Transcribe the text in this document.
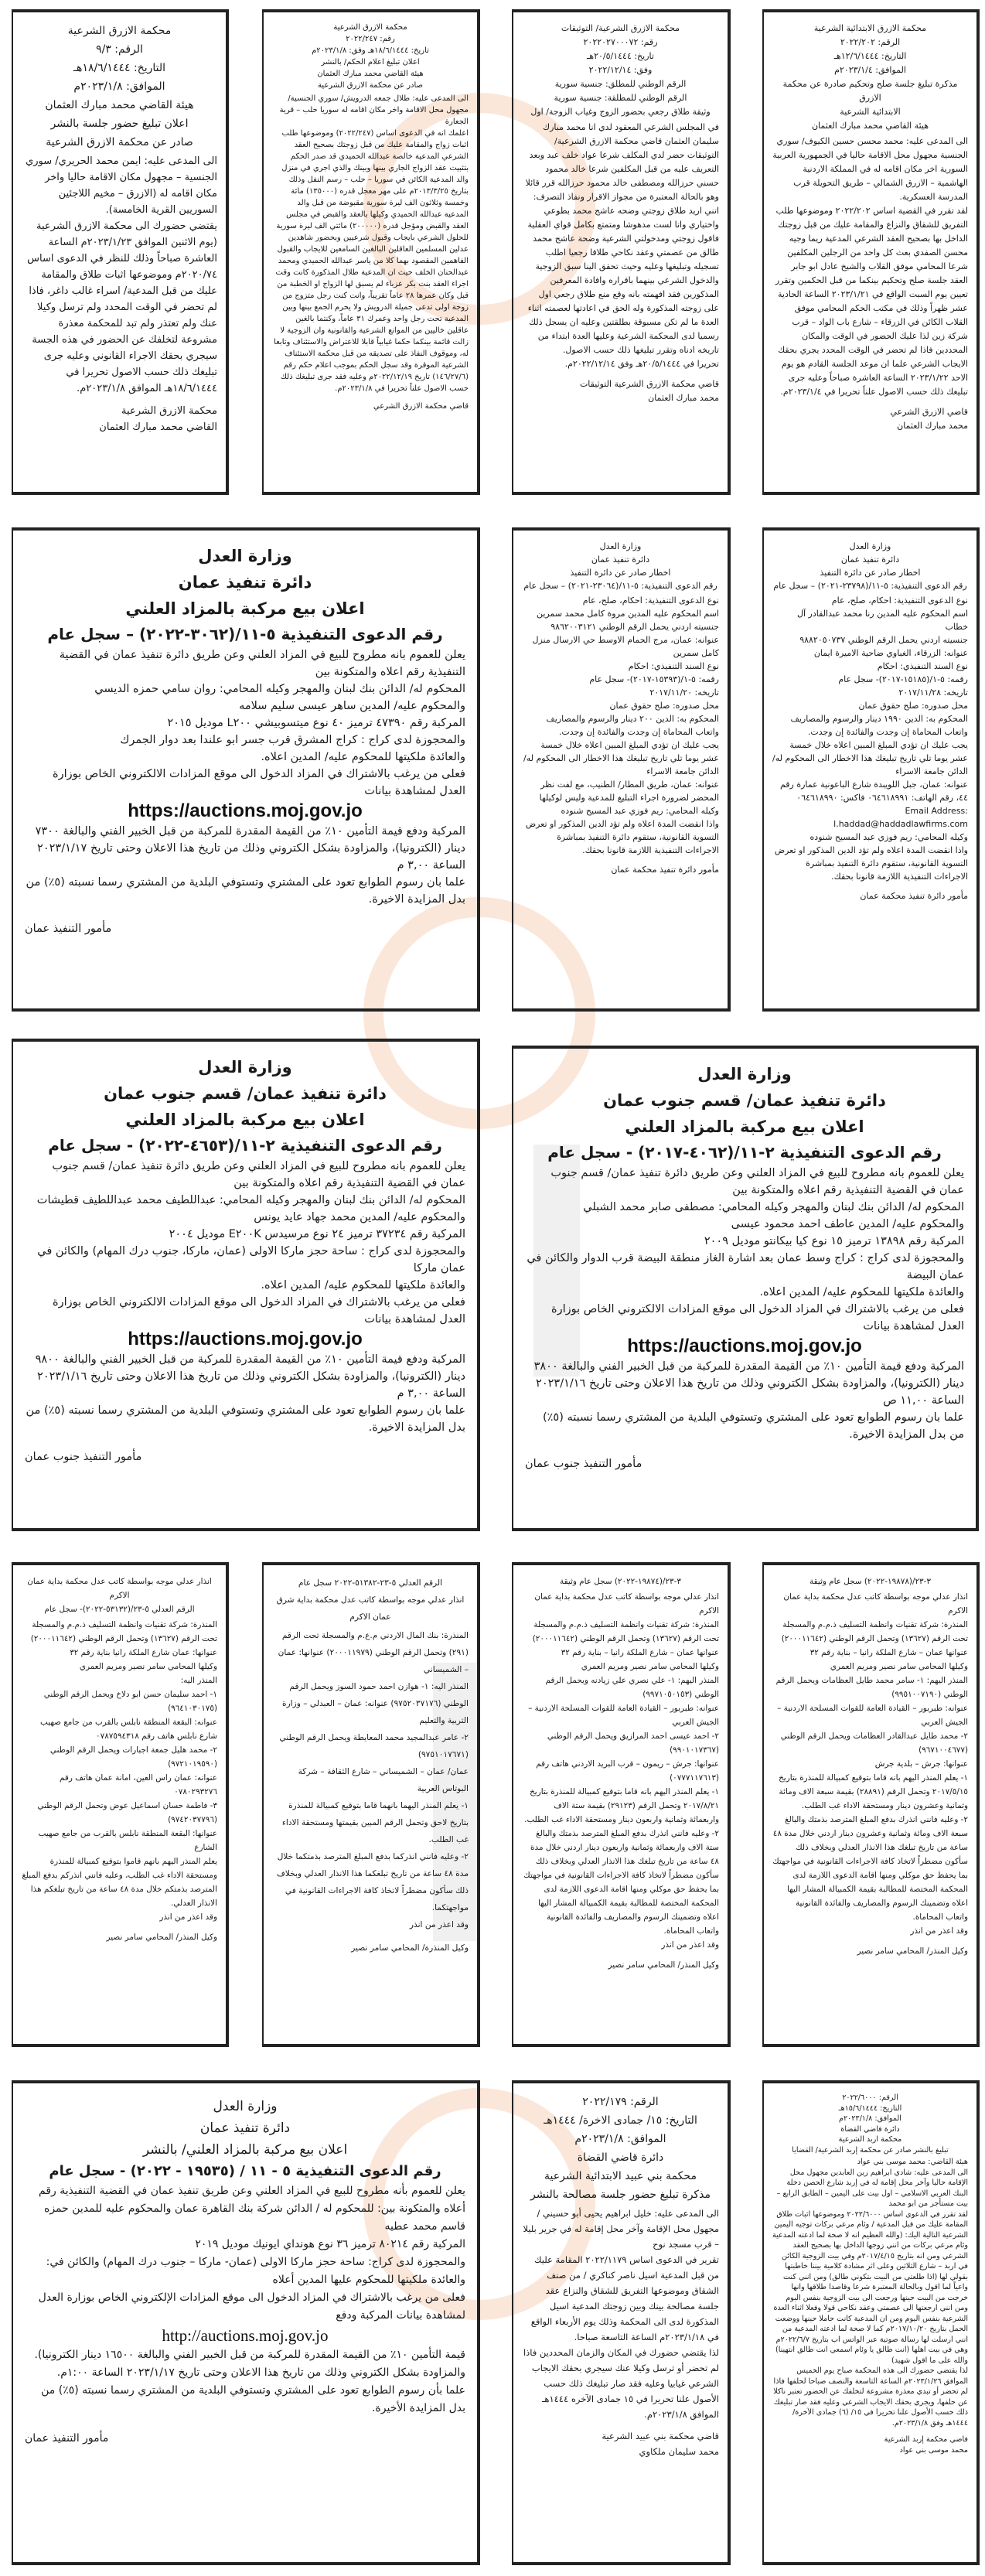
محكمة الازرق الابتدائية الشرعية

الرقم: ٢٠٢٢/٢٠٢

التاريخ: ١٢/٦/١٤٤٤هـ

الموافق: ٢٠٢٣/١/٤م

مذكرة تبليغ جلسة صلح وتحكيم صادرة عن محكمة الازرق

الابتدائية الشرعية

هيئة القاضي محمد مبارك العثمان

الى المدعى عليه: محمد محسن حسين الكيوف/ سوري الجنسية مجهول محل الاقامة حاليا في الجمهورية العربية السورية اخر مكان اقامه له في المملكة الاردنية الهاشمية – الازرق الشمالي – طريق التحويلة قرب المدرسة العسكرية.

لقد تقرر في القضية اساس ٢٠٢٢/٢٠٢ وموضوعها طلب التفريق للشقاق والنزاع والمقامة عليك من قبل زوجتك الداخل بها بصحيح العقد الشرعي المدعية ريما وجيه محسن الصفدي بعث كل واحد من الرجلين المكلفين شرعا المحامي موفق القلاب والشيخ عادل ابو جابر العقد جلسة صلح وتحكيم بينكما من قبل الحكمين وتقرر تعيين يوم السبت الواقع في ٢٠٢٣/١/٢١ الساعة الحادية عشر ظهراً وذلك في مكتب الحكم المحامي موفق القلاب الكائن في الزرقاء – شارع باب الواد – قرب شركة زين لذا عليك الحضور في الوقت والمكان المحددين فاذا لم تحضر في الوقت المحدد يجري بحقك الايجاب الشرعي علما ان موعد الجلسة القادم هو يوم الاحد ٢٠٢٣/١/٢٢ الساعة العاشرة صباحاً وعليه جرى تبليغك ذلك حسب الاصول علناً تحريرا في ٢٠٢٣/١/٤م.

قاضي الازرق الشرعي

محمد مبارك العثمان

محكمة الازرق الشرعية/ التوثيقات

رقم: ٢٠٢٢٠٢٧٠٠٠٧٢

تاريخ: ٢٠/٥/١٤٤٤هـ

وفق: ٢٠٢٢/١٢/١٤

الرقم الوطني للمطلق: جنسية سورية

الرقم الوطني للمطلقة: جنسية سورية

وثيقة طلاق رجعي بحضور الزوج وغياب الزوجة/ اول

في المجلس الشرعي المعقود لدي انا محمد مبارك سليمان العثمان قاضي محكمة الازرق الشرعية/ التوثيقات حضر لدي المكلف شرعا عواد خلف عبد وبعد التعريف عليه من قبل المكلفين شرعا خالد محمود حسني حرزالله ومصطفى خالد محمود حرزالله قرر قائلا وهو بالحالة المعتبرة من مجواز الاقرار ونفاذ التصرف: انني اريد طلاق زوجتي وضحه عاشج محمد بطوعي واختياري وانا لست مدهوشا ومتمتع بكامل قواي العقلية فاقول زوجتي ومدخولتي الشرعية وضحة عاشج محمد طالق من عصمتي وعقد نكاحي طلاقا رجعيا اطلب تسجيله وتبليغها وعليه وحيث تحقق الينا سبق الزوجية والدخول الشرعي بينهما باقراره وافادة المعرفين المذكورين فقد افهمته بانه وقع منع طلاق رجعي اول على زوجته المذكورة وله الحق في اعادتها لعصمته اثناء العدة ما لم تكن مسبوقة بطلقتين وعليه ان يسجل ذلك رسميا لدى المحكمة الشرعية وعليها العدة ابتداء من تاريخه ادناه وتقرر تبليغها ذلك حسب الاصول.

تحريرا في ٢٠/٥/١٤٤٤هـ وفق ٢٠٢٢/١٢/١٤م.

قاضي محكمة الازرق الشرعية التوثيقات

محمد مبارك العثمان

محكمة الازرق الشرعية

رقم: ٢٠٢٢/٢٤٧

تاريخ: ١٨/٦/١٤٤٤هـ وفق: ٢٠٢٣/١/٨م

اعلان تبليغ اعلام الحكم/ بالنشر

هيئة القاضي محمد مبارك العثمان

صادر عن محكمة الازرق الشرعية

الى المدعى عليه: طلال جمعه الدرويش/ سوري الجنسية/ مجهول محل الاقامة واخر مكان اقامه له سوريا حلب – قرية الجعارة

اعلمك انه في الدعوى اساس (٢٠٢٢/٢٤٧) وموضوعها طلب اثبات زواج والمقامة عليك من قبل زوجتك بصحيح العقد الشرعي المدعية خالصة عبدالله الحميدي قد صدر الحكم بتثبيت عقد الزواج الجاري بينها وبينك والذي اجري في منزل والد المدعية الكائن في سوريا – حلب – رسم النفل وذلك بتاريخ ٢٠١٣/٣/٢٥م على مهر معجل قدره (١٣٥٠٠٠) مائة وخمسة وثلاثون الف ليرة سورية مقبوضة من قبل والد المدعية عبدالله الحميدي وكيلها بالعقد والقبض في مجلس العقد والقبض ومؤجل قدره (٢٠٠٠٠٠) مائتي الف ليرة سورية للحلول الشرعي بايجاب وقبول شرعيين وبحضور شاهدين عدلين المسلمين العاقلين البالغين السامعين للايجاب والقبول الفاهمين المقصود بهما كلا من ياسر عبدالله الحميدي ومحمد عبدالحنان الخلف حيث ان المدعية طلال المذكورة كانت وقت اجراء العقد بنت بكر عزباء لم يسبق لها الزواج او الخطبة من قبل وكان عمرها ٢٨ عاماً تقريباً، وانت كنت رجل متزوج من زوجة اولى تدعى جميلة الدرويش ولا يحرم الجمع بينها وبين المدعية تحت رجل واحد وعمرك ٣١ عاماً، وكنتما بالغين عاقلين خاليين من الموانع الشرعية والقانونية وان الزوجية لا زالت قائمة بينكما حكما غيابياً قابلا للاعتراض والاستئناف وتابعا له، وموقوف النفاذ على تصديقه من قبل محكمة الاستئناف الشرعية الموقرة وقد سجل الحكم بموجب اعلام حكم رقم (١٤٦/٢٧/٦) تاريخ ٢٠٢٢/١٢/١٩م وعليه فقد جرى تبليغك ذلك حسب الاصول علناً تحريرا في ٢٠٢٣/١/٨م.

قاضي محكمة الازرق الشرعي

محكمة الازرق الشرعية

الرقم: ٩/٣

التاريخ: ١٨/٦/١٤٤٤هـ

الموافق: ٢٠٢٣/١/٨م

هيئة القاضي محمد مبارك العثمان

اعلان تبليغ حضور جلسة بالنشر

صادر عن محكمة الازرق الشرعية

الى المدعى عليه: ايمن محمد الحريري/ سوري الجنسية – مجهول مكان الاقامة حاليا واخر مكان اقامه له (الازرق – مخيم اللاجئين السوريين القرية الخامسة).

يقتضي حضورك الى محكمة الازرق الشرعية (يوم الاثنين الموافق ٢٠٢٣/١/٢٣م الساعة العاشرة صباحاً وذلك للنظر في الدعوى اساس ٢٠٢٠/٧٤م وموضوعها اثبات طلاق والمقامة عليك من قبل المدعية/ اسراء غالب داغر، فاذا لم تحضر في الوقت المحدد ولم ترسل وكيلا عنك ولم تعتذر ولم تبد للمحكمة معذرة مشروعة لتخلفك عن الحضور في هذه الجسة سيجري بحقك الاجراء القانوني وعليه جرى تبليغك ذلك حسب الاصول تحريرا في ١٨/٦/١٤٤٤هـ الموافق ٢٠٢٣/١/٨م.

محكمة الازرق الشرعية

القاضي محمد مبارك العثمان

وزارة العدل

دائرة تنفيذ عمان

اعلان بيع مركبة بالمزاد العلني

رقم الدعوى التنفيذية ٥-١١/(٣٠٦٢-٢٠٢٢) – سجل عام

يعلن للعموم بانه مطروح للبيع في المزاد العلني وعن طريق دائرة تنفيذ عمان في القضية التنفيذية رقم اعلاه والمتكونة بين

المحكوم له/ الدائن بنك لبنان والمهجر وكيله المحامي: روان سامي حمزه الديسي

والمحكوم عليه/ المدين ساهر عيسى سليم سلامه

المركبة رقم ٤٧٣٩٠ ترميز ٤٠ نوع ميتسوبيشي L٢٠٠ موديل ٢٠١٥

والمحجوزة لدى كراج : كراج المشرق قرب جسر ابو علندا بعد دوار الجمرك

والعائدة ملكيتها للمحكوم عليه/ المدين اعلاه.

فعلى من يرغب بالاشتراك في المزاد الدخول الى موقع المزادات الالكتروني الخاص بوزارة العدل لمشاهدة بيانات

https://auctions.moj.gov.jo

المركبة ودفع قيمة التأمين ١٠٪ من القيمة المقدرة للمركبة من قبل الخبير الفني والبالغة ٧٣٠٠ دينار (الكترونيا)، والمزاودة بشكل الكتروني وذلك من تاريخ هذا الاعلان وحتى تاريخ ٢٠٢٣/١/١٧ الساعة ٣,٠٠ م

علما بان رسوم الطوابع تعود على المشتري وتستوفي البلدية من المشتري رسما نسبته (٥٪) من بدل المزايدة الاخيرة.

مأمور التنفيذ عمان

وزارة العدل

دائرة تنفيذ عمان

اخطار صادر عن دائرة التنفيذ

رقم الدعوى التنفيذية: ٥-١١/(٢٣٠٦٤-٢٠٢١) – سجل عام

نوع الدعوى التنفيذية: احكام، صلح، عام

اسم المحكوم عليه المدين مروة كامل محمد سمرين

جنسيته اردني يحمل الرقم الوطني ٩٨٦٢٠٠٣١٢١

عنوانه: عمان، مرج الحمام الاوسط حي الارسال منزل كامل سمرين

نوع السند التنفيذي: احكام

رقمه: ٥-١/(١٥٣٩٣-٢٠١٧)- سجل عام

تاريخه: ٢٠١٧/١١/٢٠

محل صدوره: صلح حقوق عمان

المحكوم به: الدين ٢٠٠ دينار والرسوم والمصاريف واتعاب المحاماة إن وجدت والفائدة إن وجدت.

يجب عليك ان تؤدي المبلغ المبين اعلاه خلال خمسة عشر يوما تلي تاريخ تبليغك هذا الاخطار الى المحكوم له/ الدائن جامعة الاسراء

عنوانه: عمان، طريق المطار/ الطنيب، مع لفت نظر المحضر لضرورة اجراء التبليغ للمدعية وليس لوكيلها

وكيله المحامي: ريم فوزي عبد المسيح شنوده

واذا انقضت المدة اعلاه ولم تؤد الدين المذكور او تعرض التسوية القانونية، ستقوم دائرة التنفيذ بمباشرة الاجراءات التنفيذية اللازمة قانونا بحقك.

مأمور دائرة تنفيذ محكمة عمان

وزارة العدل

دائرة تنفيذ عمان

اخطار صادر عن دائرة التنفيذ

رقم الدعوى التنفيذية: ٥-١١/(٢٣٧٩٨-٢٠٢١) – سجل عام

نوع الدعوى التنفيذية: احكام، صلح، عام

اسم المحكوم عليه المدين رنا محمد عبدالقادر آل خطاب

جنسيته اردني يحمل الرقم الوطني ٩٨٨٢٠٥٠٧٣٧

عنوانه: الزرقاء، الغباوي ضاحية الاميرة ايمان

نوع السند التنفيذي: احكام

رقمه: ٥-١/(١٥١٨٥-٢٠١٧)- سجل عام

تاريخه: ٢٠١٧/١١/٢٨

محل صدوره: صلح حقوق عمان

المحكوم به: الدين ١٩٩٠ دينار والرسوم والمصاريف واتعاب المحاماة إن وجدت والفائدة إن وجدت.

يجب عليك ان تؤدي المبلغ المبين اعلاه خلال خمسة عشر يوما تلي تاريخ تبليغك هذا الاخطار الى المحكوم له/ الدائن جامعة الاسراء

عنوانه: عمان، جبل اللويبدة شارع الباعونية عمارة رقم ٤٤، رقم الهاتف: ٠٦٤٦١٨٩٩١ فاكس: ٠٦٤٦١٨٩٩٠ :Email Address

l.haddad@haddadlawfirms.com

وكيله المحامي: ريم فوزي عبد المسيح شنوده

واذا انقضت المدة اعلاه ولم تؤد الدين المذكور او تعرض التسوية القانونية، ستقوم دائرة التنفيذ بمباشرة الاجراءات التنفيذية اللازمة قانونا بحقك.

مأمور دائرة تنفيذ محكمة عمان

وزارة العدل

دائرة تنفيذ عمان/ قسم جنوب عمان

اعلان بيع مركبة بالمزاد العلني

رقم الدعوى التنفيذية ٢-١١/(٤٦٥٣-٢٠٢٢) - سجل عام

يعلن للعموم بانه مطروح للبيع في المزاد العلني وعن طريق دائرة تنفيذ عمان/ قسم جنوب عمان في القضية التنفيذية رقم اعلاه والمتكونة بين

المحكوم له/ الدائن بنك لبنان والمهجر وكيله المحامي: عبداللطيف محمد عبداللطيف قطيشات

والمحكوم عليه/ المدين محمد جهاد عايد يونس

المركبة رقم ٣٧٢٣٤ ترميز ٢٤ نوع مرسيدس E٢٠٠K موديل ٢٠٠٤

والمحجوزة لدى كراج : ساحة حجز ماركا الاولى (عمان، ماركا، جنوب درك المهام) والكائن في عمان ماركا

والعائدة ملكيتها للمحكوم عليه/ المدين اعلاه.

فعلى من يرغب بالاشتراك في المزاد الدخول الى موقع المزادات الالكتروني الخاص بوزارة العدل لمشاهدة بيانات

https://auctions.moj.gov.jo

المركبة ودفع قيمة التأمين ١٠٪ من القيمة المقدرة للمركبة من قبل الخبير الفني والبالغة ٩٨٠٠ دينار (الكترونيا)، والمزاودة بشكل الكتروني وذلك من تاريخ هذا الاعلان وحتى تاريخ ٢٠٢٣/١/١٦ الساعة ٣,٠٠ م

علما بان رسوم الطوابع تعود على المشتري وتستوفي البلدية من المشتري رسما نسبته (٥٪) من بدل المزايدة الاخيرة.

مأمور التنفيذ جنوب عمان

وزارة العدل

دائرة تنفيذ عمان/ قسم جنوب عمان

اعلان بيع مركبة بالمزاد العلني

رقم الدعوى التنفيذية ٢-١١/(٤٠٦٢-٢٠١٧) - سجل عام

يعلن للعموم بانه مطروح للبيع في المزاد العلني وعن طريق دائرة تنفيذ عمان/ قسم جنوب عمان في القضية التنفيذية رقم اعلاه والمتكونة بين

المحكوم له/ الدائن بنك لبنان والمهجر وكيله المحامي: مصطفى صابر محمد الشبلي

والمحكوم عليه/ المدين عاطف احمد محمود عيسى

المركبة رقم ١٣٨٩٨ ترميز ١٥ نوع كيا بيكانتو موديل ٢٠٠٩

والمحجوزة لدى كراج : كراج وسط عمان بعد اشارة الغاز منطقة البيضة قرب الدوار والكائن في عمان البيضة

والعائدة ملكيتها للمحكوم عليه/ المدين اعلاه.

فعلى من يرغب بالاشتراك في المزاد الدخول الى موقع المزادات الالكتروني الخاص بوزارة العدل لمشاهدة بيانات

https://auctions.moj.gov.jo

المركبة ودفع قيمة التأمين ١٠٪ من القيمة المقدرة للمركبة من قبل الخبير الفني والبالغة ٣٨٠٠ دينار (الكترونيا)، والمزاودة بشكل الكتروني وذلك من تاريخ هذا الاعلان وحتى تاريخ ٢٠٢٣/١/١٦ الساعة ١١,٠٠ ص

علما بان رسوم الطوابع تعود على المشتري وتستوفي البلدية من المشتري رسما نسبته (٥٪) من بدل المزايدة الاخيرة.

مأمور التنفيذ جنوب عمان

٣-٢٣/(١٩٨٧٨-٢٠٢٢) سجل عام وثيقة

انذار عدلي موجه بواسطة كاتب عدل محكمة بداية عمان الاكرم

المنذرة: شركة تقنيات وانظمة التسليف ذ.م.م والمسجلة تحت الرقم (١٣٦٢٧) وتحمل الرقم الوطني (٢٠٠٠١١٦٤٢) عنوانها عمان – شارع الملكة رانيا – بناية رقم ٣٢

وكيلها المحامي سامر نصير ومريم العمري

المنذر اليهم: ١- سامر محمد طايل العظامات ويحمل الرقم الوطني (٩٩٥١٠٠٧١٩٠)

عنوانه: طبربور – القيادة العامة للقوات المسلحة الاردنية – الجيش العربي

٢- محمد طايل عبدالقادر العظامات ويحمل الرقم الوطني (٩٦٧١٠٠٤٦٧٧)

عنوانها: جرش – بلدية جرش

١- يعلم المنذر اليهم بانه قاما بتوقيع كمبيالة للمنذرة بتاريخ ٢٠١٧/٥/١٥ وتحمل الرقم (٢٨٨٩١) بقيمة سبعة الاف ومائة وثمانية وعشرون دينار ومستحقة الاداء غب الطلب.

٢- وعليه فانني انذرك بدفع المبلغ المترصد بذمتك والبالغ سبعة الاف ومائة وثمانية وعشرون دينار اردني خلال مدة ٤٨ ساعة من تاريخ تبلغك هذا الانذار العدلي وبخلاف ذلك سأكون مضطراً لاتخاذ كافة الاجراءات القانونية في مواجهتك بما يحفظ حق موكلي ومنها اقامة الدعوى اللازمة لدى المحكمة المختصة للمطالبة بقيمة الكمبيالة المشار اليها اعلاه وتضمينك الرسوم والمصاريف والفائدة القانونية واتعاب المحاماة.

وقد اعذر من انذر

وكيل المنذر/ المحامي سامر نصير

٣-٢٣/(١٩٨٧٤-٢٠٢٢) سجل عام وثيقة

انذار عدلي موجه بواسطة كاتب عدل محكمة بداية عمان الاكرم

المنذرة: شركة تقنيات وانظمة التسليف ذ.م.م والمسجلة تحت الرقم (١٣٦٢٧) وتحمل الرقم الوطني (٢٠٠٠١١٦٤٢) عنوانها عمان – شارع الملكة رانيا – بناية رقم ٣٢

وكيلها المحامي سامر نصير ومريم العمري

المنذر اليهم: ١- علي نصري علي زيادنه ويحمل الرقم الوطني (٩٩٧١٠٥٠١٥٣)

عنوانه: طبربور – القيادة العامة للقوات المسلحة الاردنية – الجيش العربي

٢- احمد عيسى احمد المرازيق ويحمل الرقم الوطني (٩٩٠١٠١٧٣٦٧)

عنوانها: جرش – ريمون – قرب البريد الاردني هاتف رقم (٠٧٧٧١١٧٦١٣)

١- يعلم المنذر اليهم بانه قاما بتوقيع كمبيالة للمنذرة بتاريخ ٢٠١٧/٨/٢١ وتحمل الرقم (٢٩١٢٣) بقيمة ستة الاف واربعمائة وثمانية واربعون دينار ومستحقة الاداء غب الطلب.

٢- وعليه فانني انذرك بدفع المبلغ المترصد بذمتك والبالغ ستة الاف واربعمائة وثمانية واربعون دينار اردني خلال مدة ٤٨ ساعة من تاريخ تبلغك هذا الانذار العدلي وبخلاف ذلك سأكون مضطراً لاتخاذ كافة الاجراءات القانونية في مواجهتك بما يحفظ حق موكلي ومنها اقامة الدعوى اللازمة لدى المحكمة المختصة للمطالبة بقيمة الكمبيالة المشار اليها اعلاه وتضمينك الرسوم والمصاريف والفائدة القانونية واتعاب المحاماة.

وقد اعذر من انذر

وكيل المنذر/ المحامي سامر نصير

الرقم العدلي ٥-٢٣-٥١٣٨٢-٢٠٢٢ سجل عام

انذار عدلي موجه بواسطة كاتب عدل محكمة بداية شرق عمان الاكرم

المنذرة: بنك المال الاردني م.ع.م والمسجلة تحت الرقم (٢٩١) وتحمل الرقم الوطني (٢٠٠٠١١٩٧٩) عنوانها: عمان – الشميساني

المنذر اليه: ١- هوازن احمد حمود السوز ويحمل الرقم الوطني (٩٧٥٢٠٣٧١٧٦) عنوانه: عمان – العبدلي – وزارة التربية والتعليم

٢- عامر عبدالمجيد محمد المعايطة ويحمل الرقم الوطني (٩٧٥١٠١٧٦٧١)

عمان/ عمان – الشميساني – شارع الثقافة – شركة البوتاس العربية

١- يعلم المنذر اليهما بانهما قاما بتوقيع كمبيالة للمنذرة بتاريخ لاحق وتحمل الرقم المبين بقيمتها ومستحقة الاداء غب الطلب.

٢- وعليه فانني انذركما بدفع المبلغ المترصد بذمتكما خلال مدة ٤٨ ساعة من تاريخ تبلغكما هذا الانذار العدلي وبخلاف ذلك سأكون مضطراً لاتخاذ كافة الاجراءات القانونية في مواجهتكما.

وقد اعذر من انذر

وكيل المنذرة/ المحامي سامر نصير

انذار عدلي موجه بواسطة كاتب عدل محكمة بداية عمان الاكرم

الرقم العدلي ٥-٢٣/(٥٣١٣٢-٢٠٢٢)- سجل عام

المنذرة: شركة تقنيات وانظمة التسليف ذ.م.م والمسجلة تحت الرقم (١٣٦٢٧) وتحمل الرقم الوطني (٢٠٠٠١١٦٤٢) عنوانها: عمان شارع الملكة رانيا بناية رقم ٣٢

وكيلها المحامي سامر نصير ومريم العمري

المنذر اليه:

١- احمد سليمان حسن ابو دلاخ ويحمل الرقم الوطني (٩٦٤١٠٣٠١٧٥)

عنوانه: البقعة المنطقة نابلس بالقرب من جامع صهيب شارع نابلس هاتف رقم ٠٧٨٧٥٩٤٣١٨

٢- محمد هليل جمعة اجبارات ويحمل الرقم الوطني (٩٧٢١٠١٩٥٩٠)

عنوانه: عمان راس العين، امانة عمان هاتف رقم ٠٧٨٠٢٩٣٢٧٦

٣- فاطمة حسان اسماعيل عوض وتحمل الرقم الوطني (٩٧٤٢٠٣٧٧٩٦)

عنوانها: البقعة المنطقة نابلس بالقرب من جامع صهيب الشارع

يعلم المنذر اليهم بانهم قاموا بتوقيع كمبيالة للمنذرة ومستحقة الاداء غب الطلب، وعليه فانني انذركم بدفع المبلغ المترصد بذمتكم خلال مدة ٤٨ ساعة من تاريخ تبلغكم هذا الانذار العدلي.

وقد اعذر من انذر

وكيل المنذر/ المحامي سامر نصير

وزارة العدل

دائرة تنفيذ عمان

اعلان بيع مركبة بالمزاد العلني/ بالنشر

رقم الدعوى التنفيذية ٥ - ١١ / (١٩٥٣٥ - ٢٠٢٢) - سجل عام

يعلن للعموم بأنه مطروح للبيع في المزاد العلني وعن طريق تنفيذ عمان في القضية التنفيذية رقم أعلاه والمتكونة بين: للمحكوم له / الدائن شركة بنك القاهرة عمان والمحكوم عليه للمدين حمزه قاسم محمد عطيه

المركبة رقم ٨٠٢١٤ ترميز ٣٦ نوع هونداي ايونيك موديل ٢٠١٩

والمحجوزة لدى كراج: ساحة حجز ماركا الاولى (عمان- ماركا – جنوب درك المهام) والكائن في:

والعائدة ملكيتها للمحكوم عليها المدين أعلاه

فعلى من يرغب بالاشتراك في المزاد الدخول الى موقع المزادات الإلكتروني الخاص بوزارة العدل لمشاهدة بيانات المركبة ودفع

http://auctions.moj.gov.jo

قيمة التأمين ١٠٪ من القيمة المقدرة للمركبة من قبل الخبير الفني والبالغة ١٦٥٠٠ دينار الكترونيا).

والمزاودة بشكل الكتروني وذلك من تاريخ هذا الاعلان وحتى تاريخ ٢٠٢٣/١/١٧ الساعة ١:٠٠م.

علما بأن رسوم الطوابع تعود على المشتري وتستوفي البلدية من المشتري رسما نسبته (٥٪) من بدل المزايدة الأخيرة.

مأمور التنفيذ عمان

الرقم: ٢٠٢٢/١٧٩

التاريخ: ١٥/ جمادى الاخرة/ ١٤٤٤هـ

الموافق: ٢٠٢٣/١/٨م

دائرة قاضي القضاة

محكمة بني عبيد الابتدائية الشرعية

مذكرة تبليغ حضور جلسة مصالحة بالنشر

الى المدعى عليه: خليل ابراهيم يحيى أبو حسيني / مجهول محل الإقامة وآخر محل إقامة له في جرير بليلا – قرب مسجد نوح

تقرير في الدعوى اساس ٢٠٢٢/١١٧٩ المقامة عليك من قبل المدعية اسيل ناصر كناكري / من صنف الشقاق وموضوعها التفريق للشقاق والنزاع عقد جلسة مصالحة بينك وبين زوجتك المدعية اسيل المذكورة لدى الى المحكمة وذلك يوم الأربعاء الواقع في ٢٠٢٣/١/١٨م الساعة التاسعة صباحا.

لذا يقتضي حضورك في المكان والزمان المحددين فاذا لم تحضر أو ترسل وكيلا عنك سيجري بحقك الايجاب الشرعي غيابيا وعليه فقد صار تبليغك ذلك حسب الأصول علنا تحريرا في ١٥ جمادى الآخره ١٤٤٤هـ الموافق ٢٠٢٣/١/٨م.

قاضي محكمة بني عبيد الشرعية

محمد سليمان ملكاوي

الرقم: ٢٠٢٢/٦٠٠٠

التاريخ: ١٥/٦/١٤٤٤هـ

الموافق: ٢٠٢٣/١/٨م

دائرة قاضي القضاة

محكمة اربد الشرعية

تبليغ بالنشر صادر عن محكمة إربد الشرعية/ القضايا

هيئة القاضي: محمد موسى بني عواد

الى المدعى عليه: شادي ابراهيم زين العابدين مجهول محل الإقامة حاليا وآخر محل إقامة له في إربد شارع الحصن دخلة البنك العربي الاسلامي – اول بيت على اليمين – الطابق الرابع – بيت مستأجر من ابو محمد

لقد تقرر في الدعوى اساس ٢٠٢٢/٦٠٠٠ وموضوعها اثبات طلاق المقامة عليك من قبل المدعية / وئام مرعي بركات توجيه اليمين الشرعية التالية اليك: (والله العظيم انه لا صحة لما ادعته المدعية وئام مرعي بركات من انني زوجها الداخل بها بصحيح العقد الشرعي ومن انه بتاريخ ٢٠١٧/٤/١٥م وفي بيت الزوجية الكائن في اربد – شارع الثلاثين وعلى اثر مشادة كلامية بيننا خاطبتها بقولي لها (اذا طلعتي من البيت بتكوني طالق) ومن انني كنت واعياً لما اقول وبالحالة المعتبرة شرعا وقاصدا طلاقها وانها خرجت من البيت حينها ورجعت الى بيت الزوجية بنفس اليوم ومن انني ارجعتها الى عصمتي وعقد نكاحي قولا وفعلا اثناء العدة الشرعية بنفس اليوم ومن ان المدعية كانت حاملا حينها ووضعت الحمل بتاريخ ٢٠١٧/١٠/٢٠م كما لا صحة لما ادعته المدعية من انني ارسلت لها رسالة صوتية عبر الواتس اب بتاريخ ٢٠٢٢/٦/٧م وهي في بيت اهلها (انت طالق يا وئام اسمعي انت طالق انتهينا) والله على ما اقول شهيد)

لذا يقتضي حضورك الى هذه المحكمة صباح يوم الخميس الموافق ٢٠٢٣/١/٢٦م الساعة التاسعة والنصف صباحا لحلفها فاذا لم تحضر أو تبدي معذرة مشروعة لتخلفك عن الحضور تعتبر ناكلا عن حلفها، ويجري بحقك الايجاب الشرعي وعليه فقد صار تبليغك ذلك حسب الأصول علنا تحريرا في ١٥/ (٦) جمادى الآخرة/ ١٤٤٤هـ وفق ٢٠٢٣/١/٨م.

قاضي محكمة إربد الشرعية

محمد موسى بني عواد
